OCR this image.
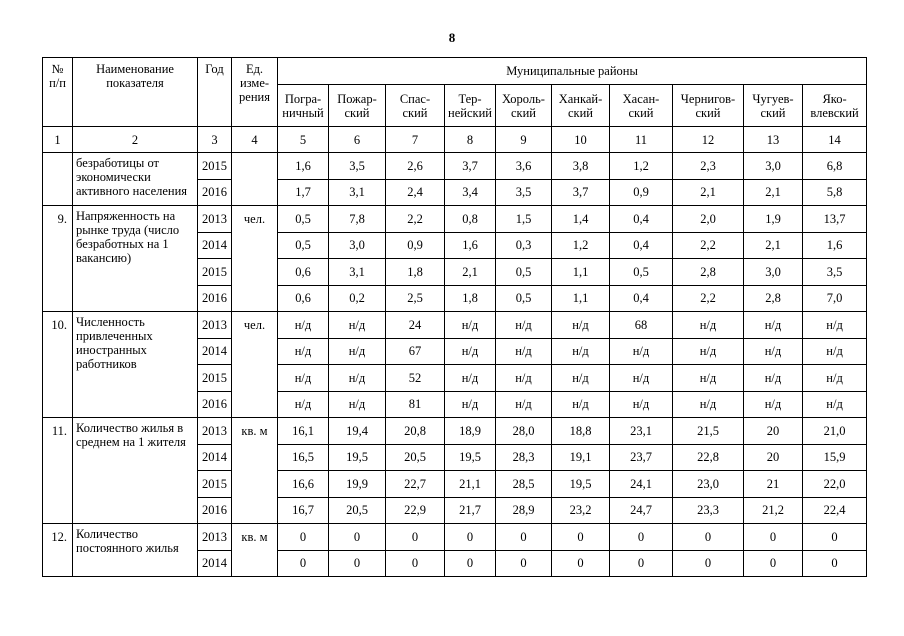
8
№ п/п	Наименование показателя	Год	Ед. изме- рения	Муниципальные районы									
				Погра- ничный	Пожар- ский	Спас- ский	Тер- нейский	Хороль- ский	Ханкай- ский	Хасан- ский	Чернигов- ский	Чугуев- ский	Яко- влевский
1	2	3	4	5	6	7	8	9	10	11	12	13	14
	безработицы от экономически активного населения	2015		1,6	3,5	2,6	3,7	3,6	3,8	1,2	2,3	3,0	6,8
		2016		1,7	3,1	2,4	3,4	3,5	3,7	0,9	2,1	2,1	5,8
9.	Напряженность на рынке труда (число безработных на 1 вакансию)	2013	чел.	0,5	7,8	2,2	0,8	1,5	1,4	0,4	2,0	1,9	13,7
		2014		0,5	3,0	0,9	1,6	0,3	1,2	0,4	2,2	2,1	1,6
		2015		0,6	3,1	1,8	2,1	0,5	1,1	0,5	2,8	3,0	3,5
		2016		0,6	0,2	2,5	1,8	0,5	1,1	0,4	2,2	2,8	7,0
10.	Численность привлеченных иностранных работников	2013	чел.	н/д	н/д	24	н/д	н/д	н/д	68	н/д	н/д	н/д
		2014		н/д	н/д	67	н/д	н/д	н/д	н/д	н/д	н/д	н/д
		2015		н/д	н/д	52	н/д	н/д	н/д	н/д	н/д	н/д	н/д
		2016		н/д	н/д	81	н/д	н/д	н/д	н/д	н/д	н/д	н/д
11.	Количество жилья в среднем на 1 жителя	2013	кв. м	16,1	19,4	20,8	18,9	28,0	18,8	23,1	21,5	20	21,0
		2014		16,5	19,5	20,5	19,5	28,3	19,1	23,7	22,8	20	15,9
		2015		16,6	19,9	22,7	21,1	28,5	19,5	24,1	23,0	21	22,0
		2016		16,7	20,5	22,9	21,7	28,9	23,2	24,7	23,3	21,2	22,4
12.	Количество постоянного жилья	2013	кв. м	0	0	0	0	0	0	0	0	0	0
		2014		0	0	0	0	0	0	0	0	0	0
